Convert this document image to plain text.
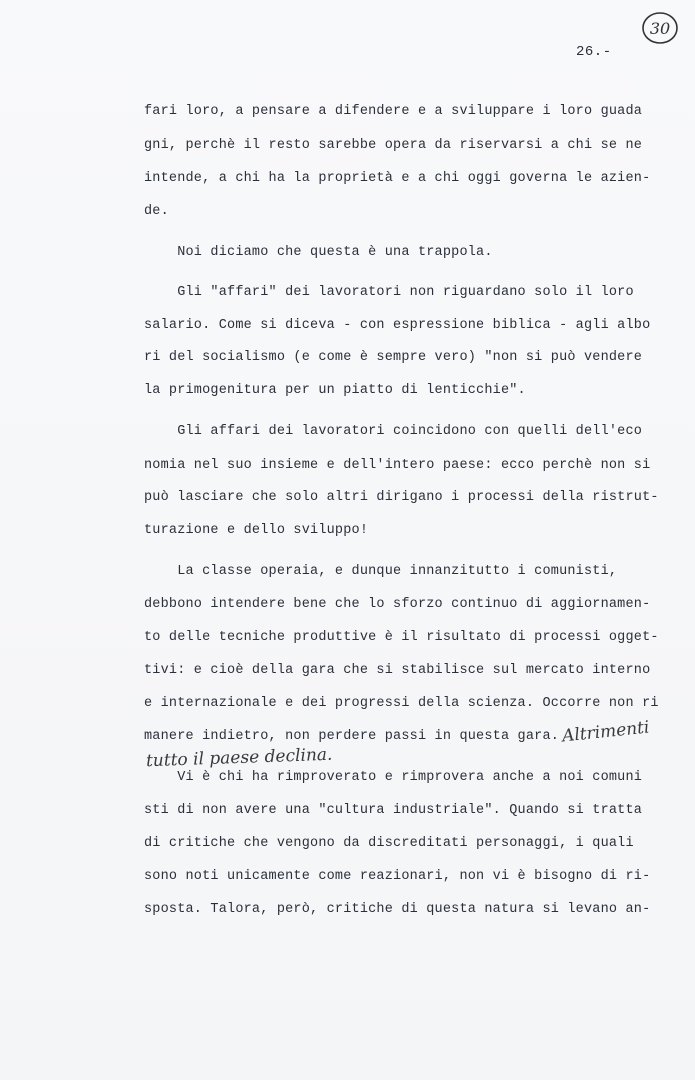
30
26.-
fari loro, a pensare a difendere e a sviluppare i loro guada
gni, perchè il resto sarebbe opera da riservarsi a chi se ne
intende, a chi ha la proprietà e a chi oggi governa le azien-
de.
Noi diciamo che questa è una trappola.
Gli "affari" dei lavoratori non riguardano solo il loro
salario. Come si diceva - con espressione biblica - agli albo
ri del socialismo (e come è sempre vero) "non si può vendere
la primogenitura per un piatto di lenticchie".
Gli affari dei lavoratori coincidono con quelli dell'eco
nomia nel suo insieme e dell'intero paese: ecco perchè non si
può lasciare che solo altri dirigano i processi della ristrut-
turazione e dello sviluppo!
La classe operaia, e dunque innanzitutto i comunisti,
debbono intendere bene che lo sforzo continuo di aggiornamen-
to delle tecniche produttive è il risultato di processi ogget-
tivi: e cioè della gara che si stabilisce sul mercato interno
e internazionale e dei progressi della scienza. Occorre non ri
manere indietro, non perdere passi in questa gara. Altrimenti
tutto il paese declina.
Vi è chi ha rimproverato e rimprovera anche a noi comuni
sti di non avere una "cultura industriale". Quando si tratta
di critiche che vengono da discreditati personaggi, i quali
sono noti unicamente come reazionari, non vi è bisogno di ri-
sposta. Talora, però, critiche di questa natura si levano an-
